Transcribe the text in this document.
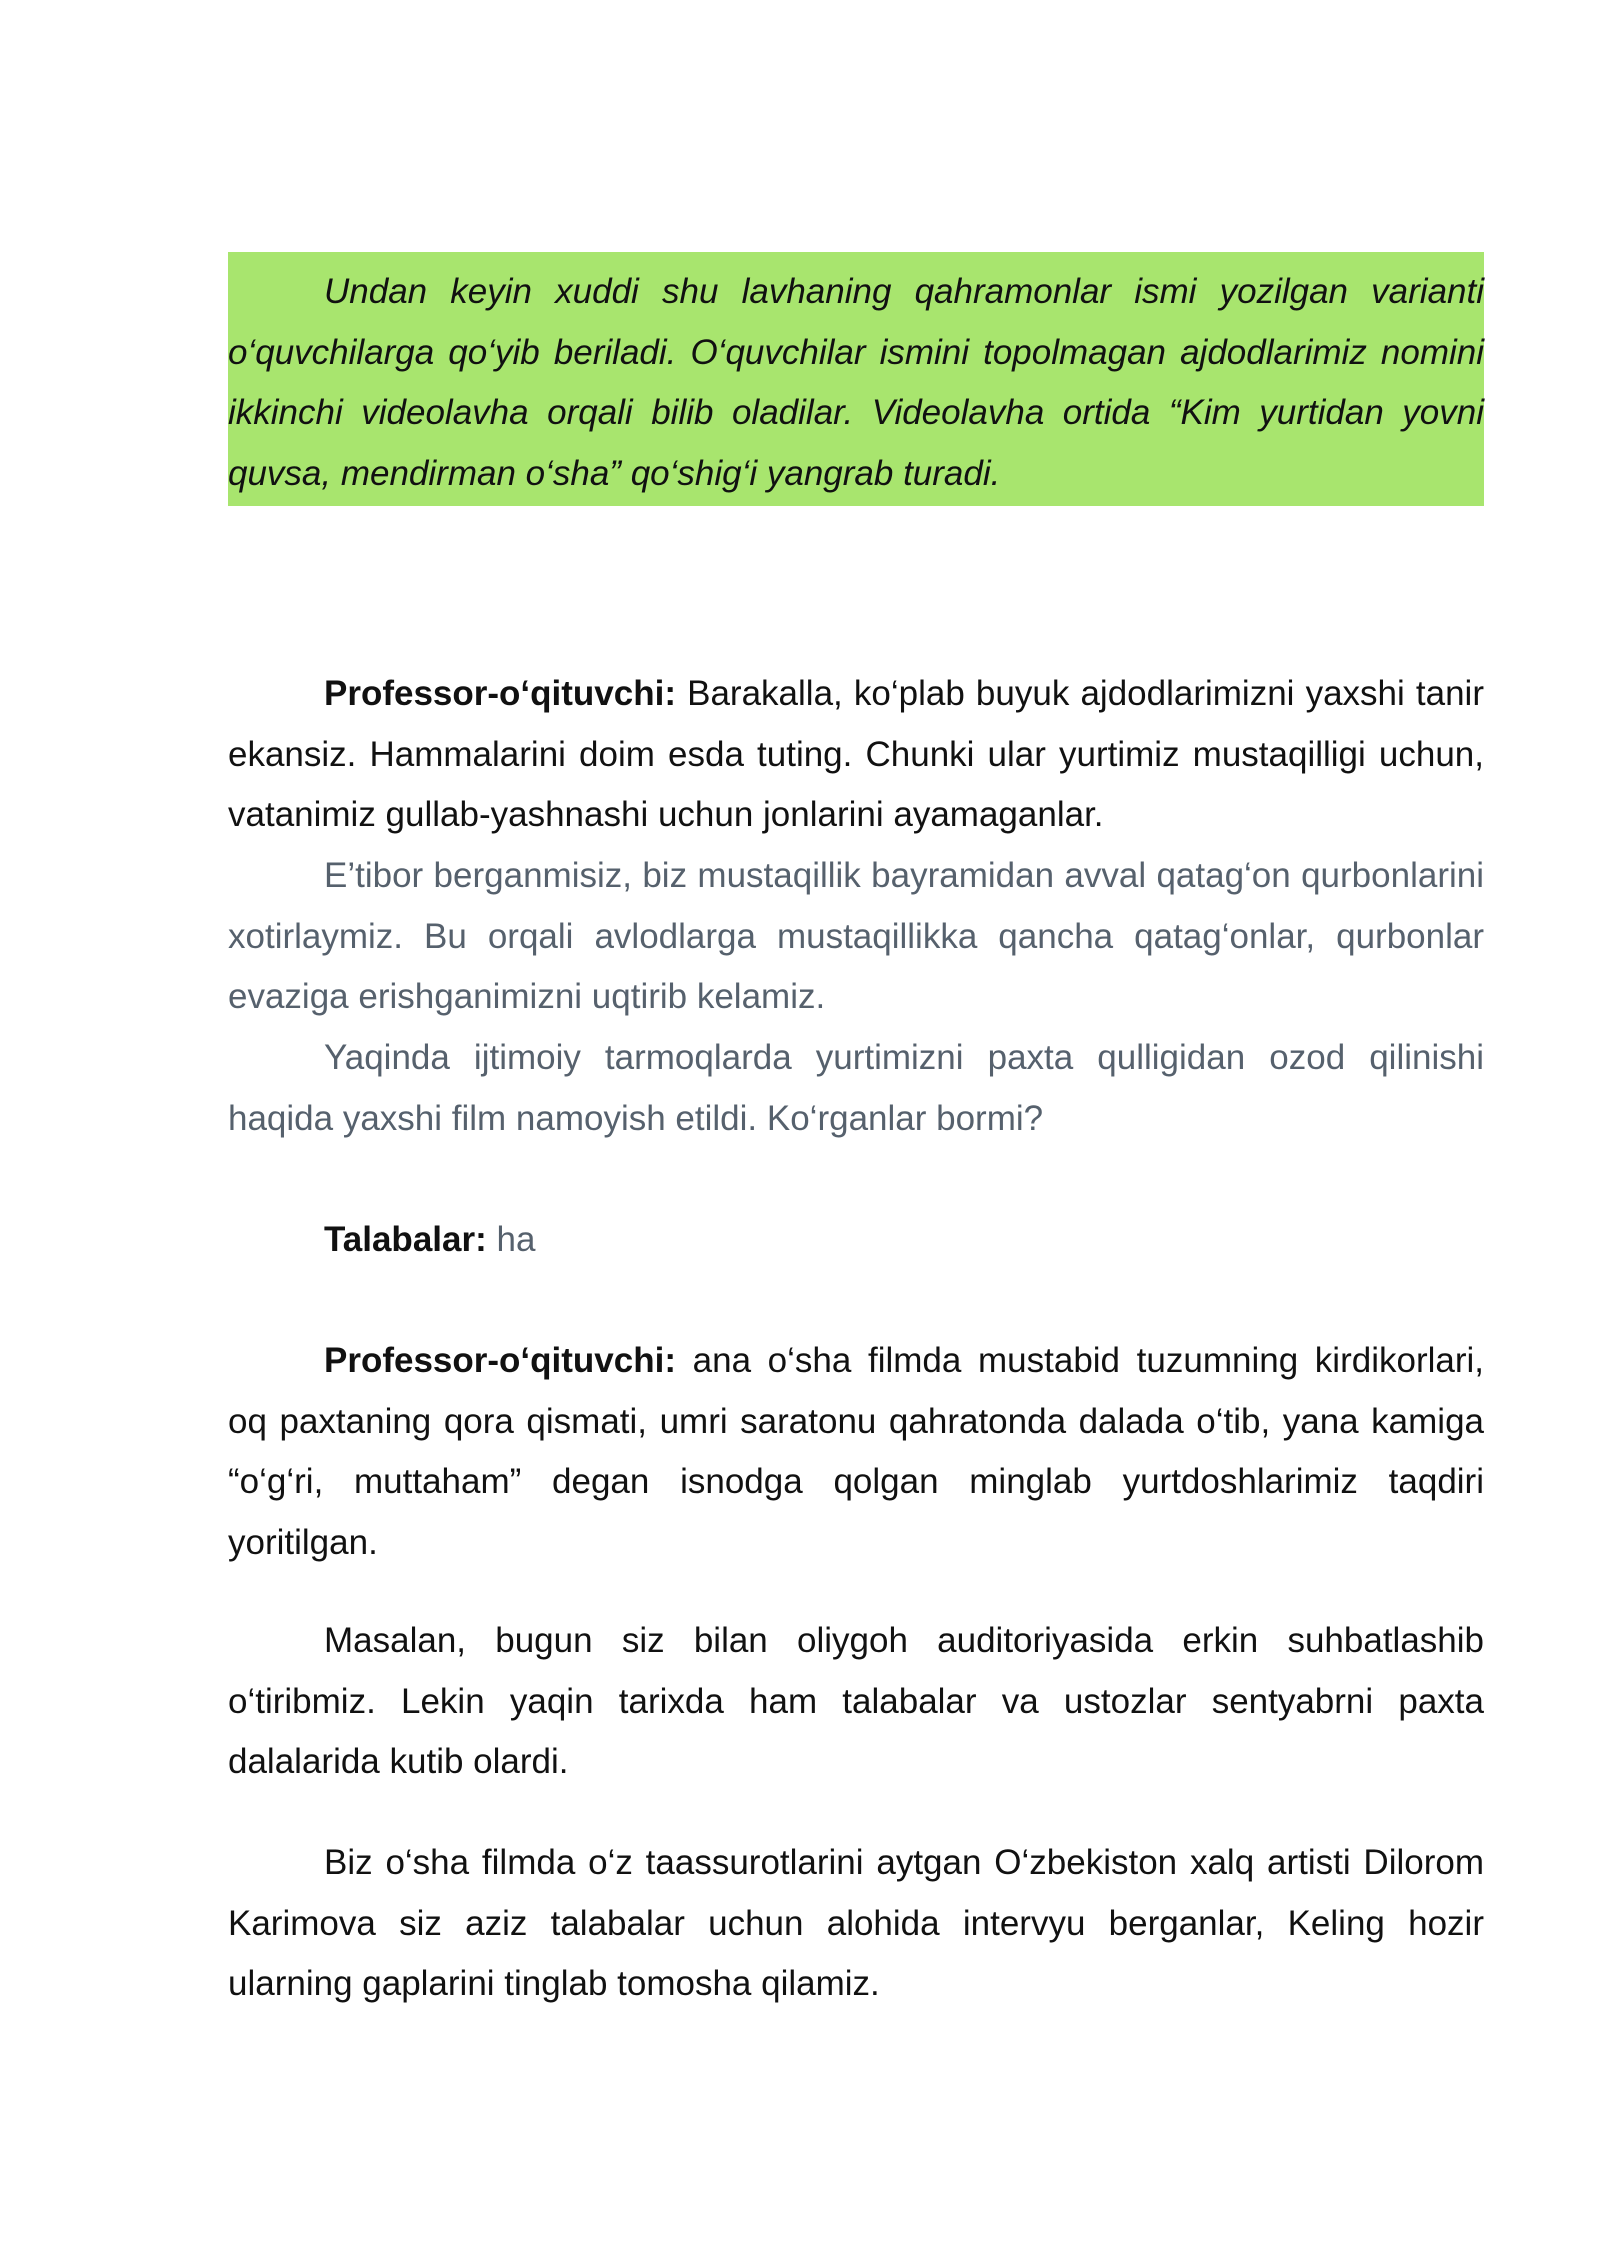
Undan keyin xuddi shu lavhaning qahramonlar ismi yozilgan varianti o‘quvchilarga qo‘yib beriladi. O‘quvchilar ismini topolmagan ajdodlarimiz nomini ikkinchi videolavha orqali bilib oladilar. Videolavha ortida “Kim yurtidan yovni quvsa, mendirman o‘sha” qo‘shig‘i yangrab turadi.

Professor-o‘qituvchi: Barakalla, ko‘plab buyuk ajdodlarimizni yaxshi tanir ekansiz. Hammalarini doim esda tuting. Chunki ular yurtimiz mustaqilligi uchun, vatanimiz gullab-yashnashi uchun jonlarini ayamaganlar.

E’tibor berganmisiz, biz mustaqillik bayramidan avval qatag‘on qurbonlarini xotirlaymiz. Bu orqali avlodlarga mustaqillikka qancha qatag‘onlar, qurbonlar evaziga erishganimizni uqtirib kelamiz.

Yaqinda ijtimoiy tarmoqlarda yurtimizni paxta qulligidan ozod qilinishi haqida yaxshi film namoyish etildi. Ko‘rganlar bormi?

Talabalar: ha

Professor-o‘qituvchi: ana o‘sha filmda mustabid tuzumning kirdikorlari, oq paxtaning qora qismati, umri saratonu qahratonda dalada o‘tib, yana kamiga “o‘g‘ri, muttaham” degan isnodga qolgan minglab yurtdoshlarimiz taqdiri yoritilgan.

Masalan, bugun siz bilan oliygoh auditoriyasida erkin suhbatlashib o‘tiribmiz. Lekin yaqin tarixda ham talabalar va ustozlar sentyabrni paxta dalalarida kutib olardi.

Biz o‘sha filmda o‘z taassurotlarini aytgan O‘zbekiston xalq artisti Dilorom Karimova siz aziz talabalar uchun alohida intervyu berganlar, Keling hozir ularning gaplarini tinglab tomosha qilamiz.
